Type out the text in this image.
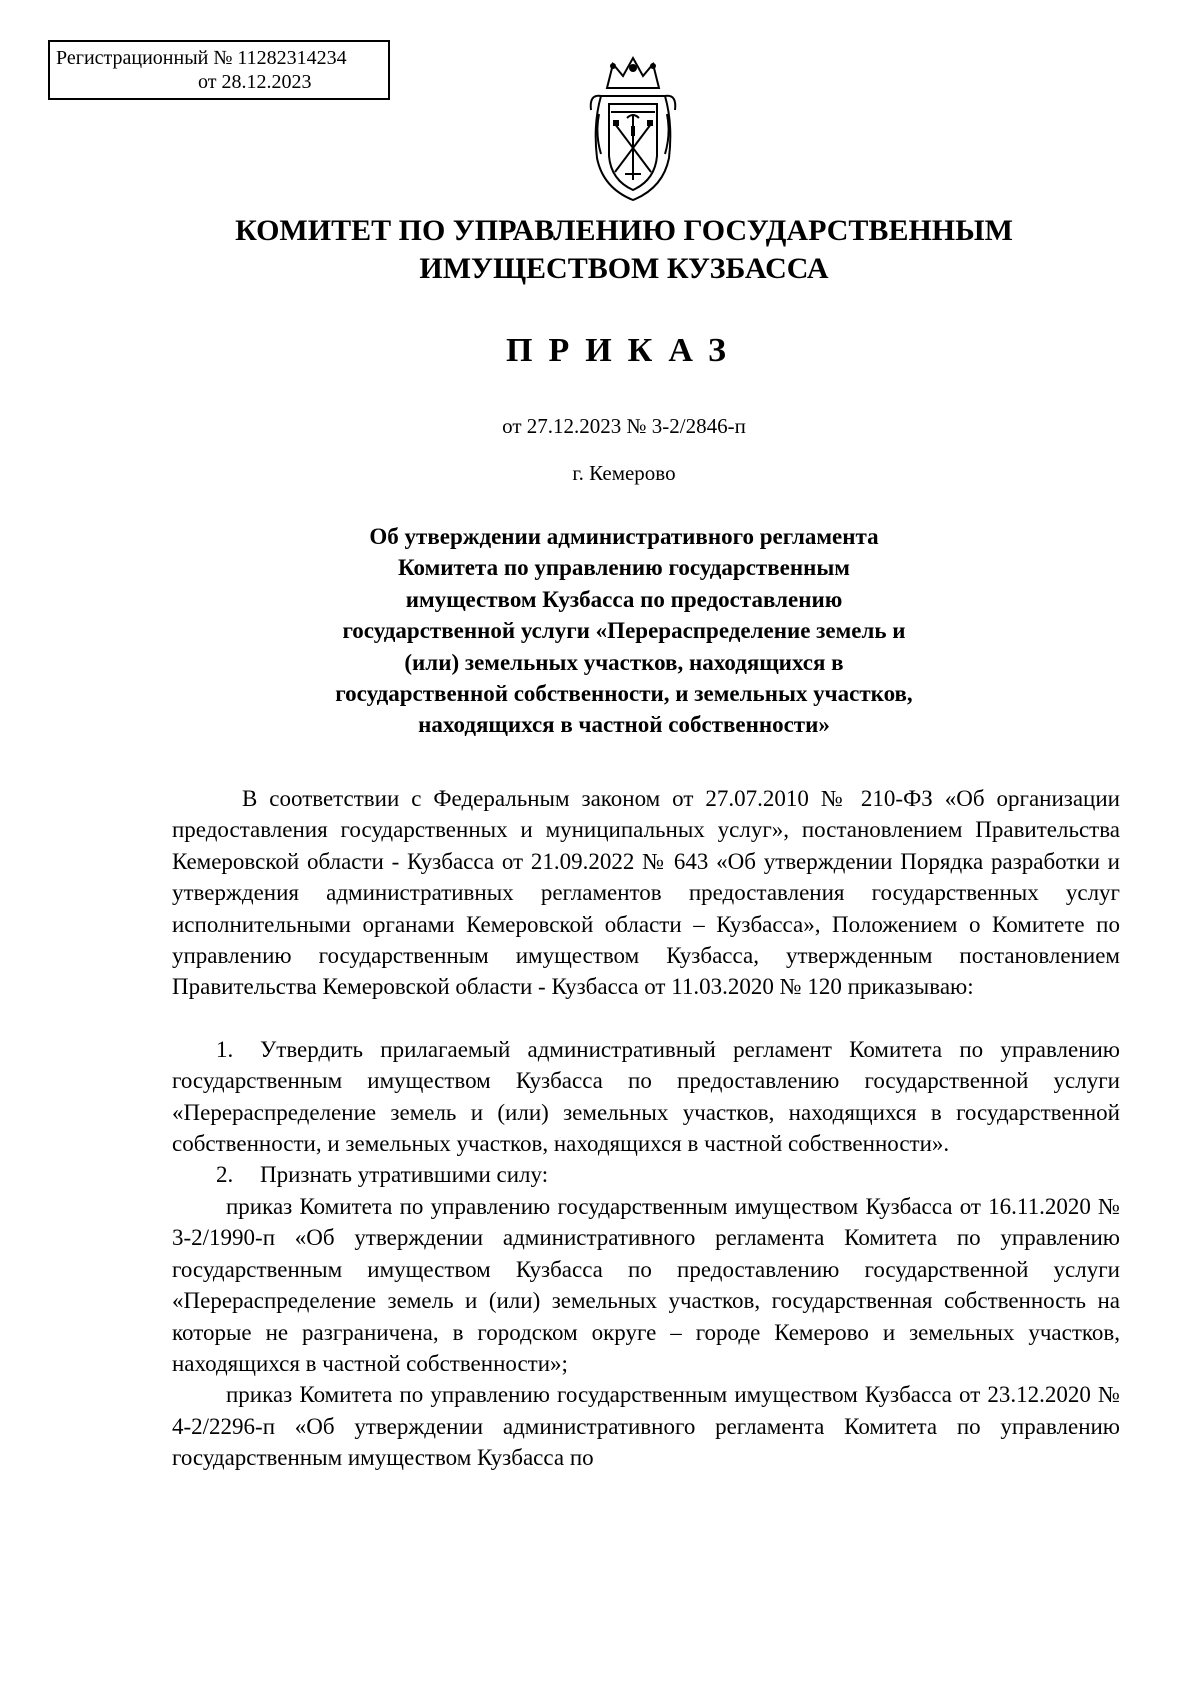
Регистрационный № 11282314234
от 28.12.2023
КОМИТЕТ ПО УПРАВЛЕНИЮ ГОСУДАРСТВЕННЫМ
ИМУЩЕСТВОМ КУЗБАССА
ПРИКАЗ
от 27.12.2023 № 3-2/2846-п
г. Кемерово
Об утверждении административного регламента
Комитета по управлению государственным
имуществом Кузбасса по предоставлению
государственной услуги «Перераспределение земель и
(или) земельных участков, находящихся в
государственной собственности, и земельных участков,
находящихся в частной собственности»

В соответствии с Федеральным законом от 27.07.2010 № 210-ФЗ «Об организации предоставления государственных и муниципальных услуг», постановлением Правительства Кемеровской области - Кузбасса от 21.09.2022 № 643 «Об утверждении Порядка разработки и утверждения административных регламентов предоставления государственных услуг исполнительными органами Кемеровской области – Кузбасса», Положением о Комитете по управлению государственным имуществом Кузбасса, утвержденным постановлением Правительства Кемеровской области - Кузбасса от 11.03.2020 № 120 приказываю:

1. Утвердить прилагаемый административный регламент Комитета по управлению государственным имуществом Кузбасса по предоставлению государственной услуги «Перераспределение земель и (или) земельных участков, находящихся в государственной собственности, и земельных участков, находящихся в частной собственности».

2. Признать утратившими силу:

приказ Комитета по управлению государственным имуществом Кузбасса от 16.11.2020 № 3-2/1990-п «Об утверждении административного регламента Комитета по управлению государственным имуществом Кузбасса по предоставлению государственной услуги «Перераспределение земель и (или) земельных участков, государственная собственность на которые не разграничена, в городском округе – городе Кемерово и земельных участков, находящихся в частной собственности»;

приказ Комитета по управлению государственным имуществом Кузбасса от 23.12.2020 № 4-2/2296-п «Об утверждении административного регламента Комитета по управлению государственным имуществом Кузбасса по
